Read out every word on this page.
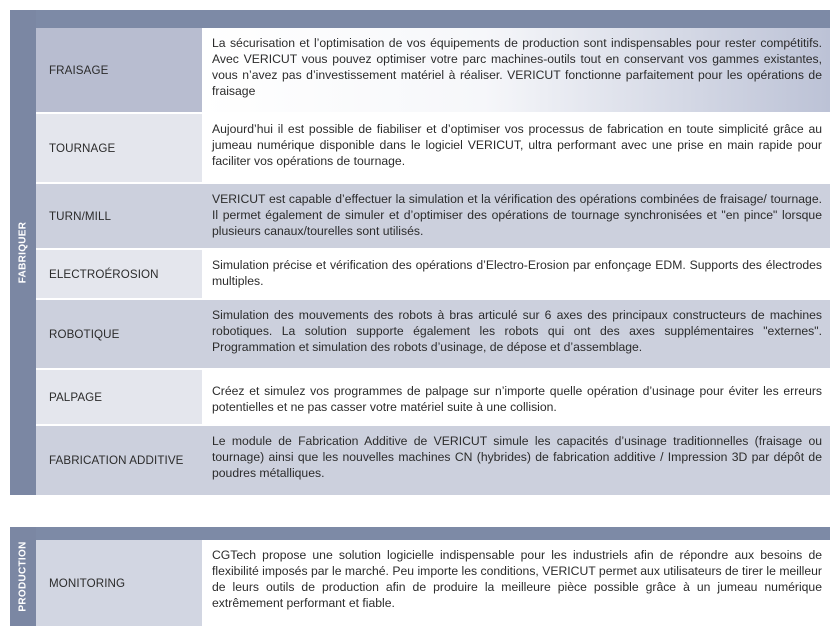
FABRIQUER
FRAISAGE
La sécurisation et l’optimisation de vos équipements de production sont indispensables pour rester compétitifs. Avec VERICUT vous pouvez optimiser votre parc machines-outils tout en conservant vos gammes existantes, vous n’avez pas d’investissement matériel à réaliser. VERICUT fonctionne parfaitement pour les opérations de fraisage
TOURNAGE
Aujourd’hui il est possible de fiabiliser et d’optimiser vos processus de fabrication en toute simplicité grâce au jumeau numérique disponible dans le logiciel VERICUT, ultra performant avec une prise en main rapide pour faciliter vos opérations de tournage.
TURN/MILL
VERICUT est capable d’effectuer la simulation et la vérification des opérations combinées de fraisage/ tournage. Il permet également de simuler et d’optimiser des opérations de tournage synchronisées et "en pince" lorsque plusieurs canaux/tourelles sont utilisés.
ELECTROÉROSION
Simulation précise et vérification des opérations d’Electro-Erosion par enfonçage EDM. Supports des électrodes multiples.
ROBOTIQUE
Simulation des mouvements des robots à bras articulé sur 6 axes des principaux constructeurs de machines robotiques. La solution supporte également les robots qui ont des axes supplémentaires "externes". Programmation et simulation des robots d’usinage, de dépose et d’assemblage.
PALPAGE	Créez et simulez vos programmes de palpage sur n’importe quelle opération d’usinage pour éviter les erreurs potentielles et ne pas casser votre matériel suite à une collision.
FABRICATION ADDITIVE
Le module de Fabrication Additive de VERICUT simule les capacités d’usinage traditionnelles (fraisage ou tournage) ainsi que les nouvelles machines CN (hybrides) de fabrication additive / Impression 3D par dépôt de poudres métalliques.
PRODUCTION	MONITORING
CGTech propose une solution logicielle indispensable pour les industriels afin de répondre aux besoins de flexibilité imposés par le marché. Peu importe les conditions, VERICUT permet aux utilisateurs de tirer le meilleur de leurs outils de production afin de produire la meilleure pièce possible grâce à un jumeau numérique extrêmement performant et fiable.
